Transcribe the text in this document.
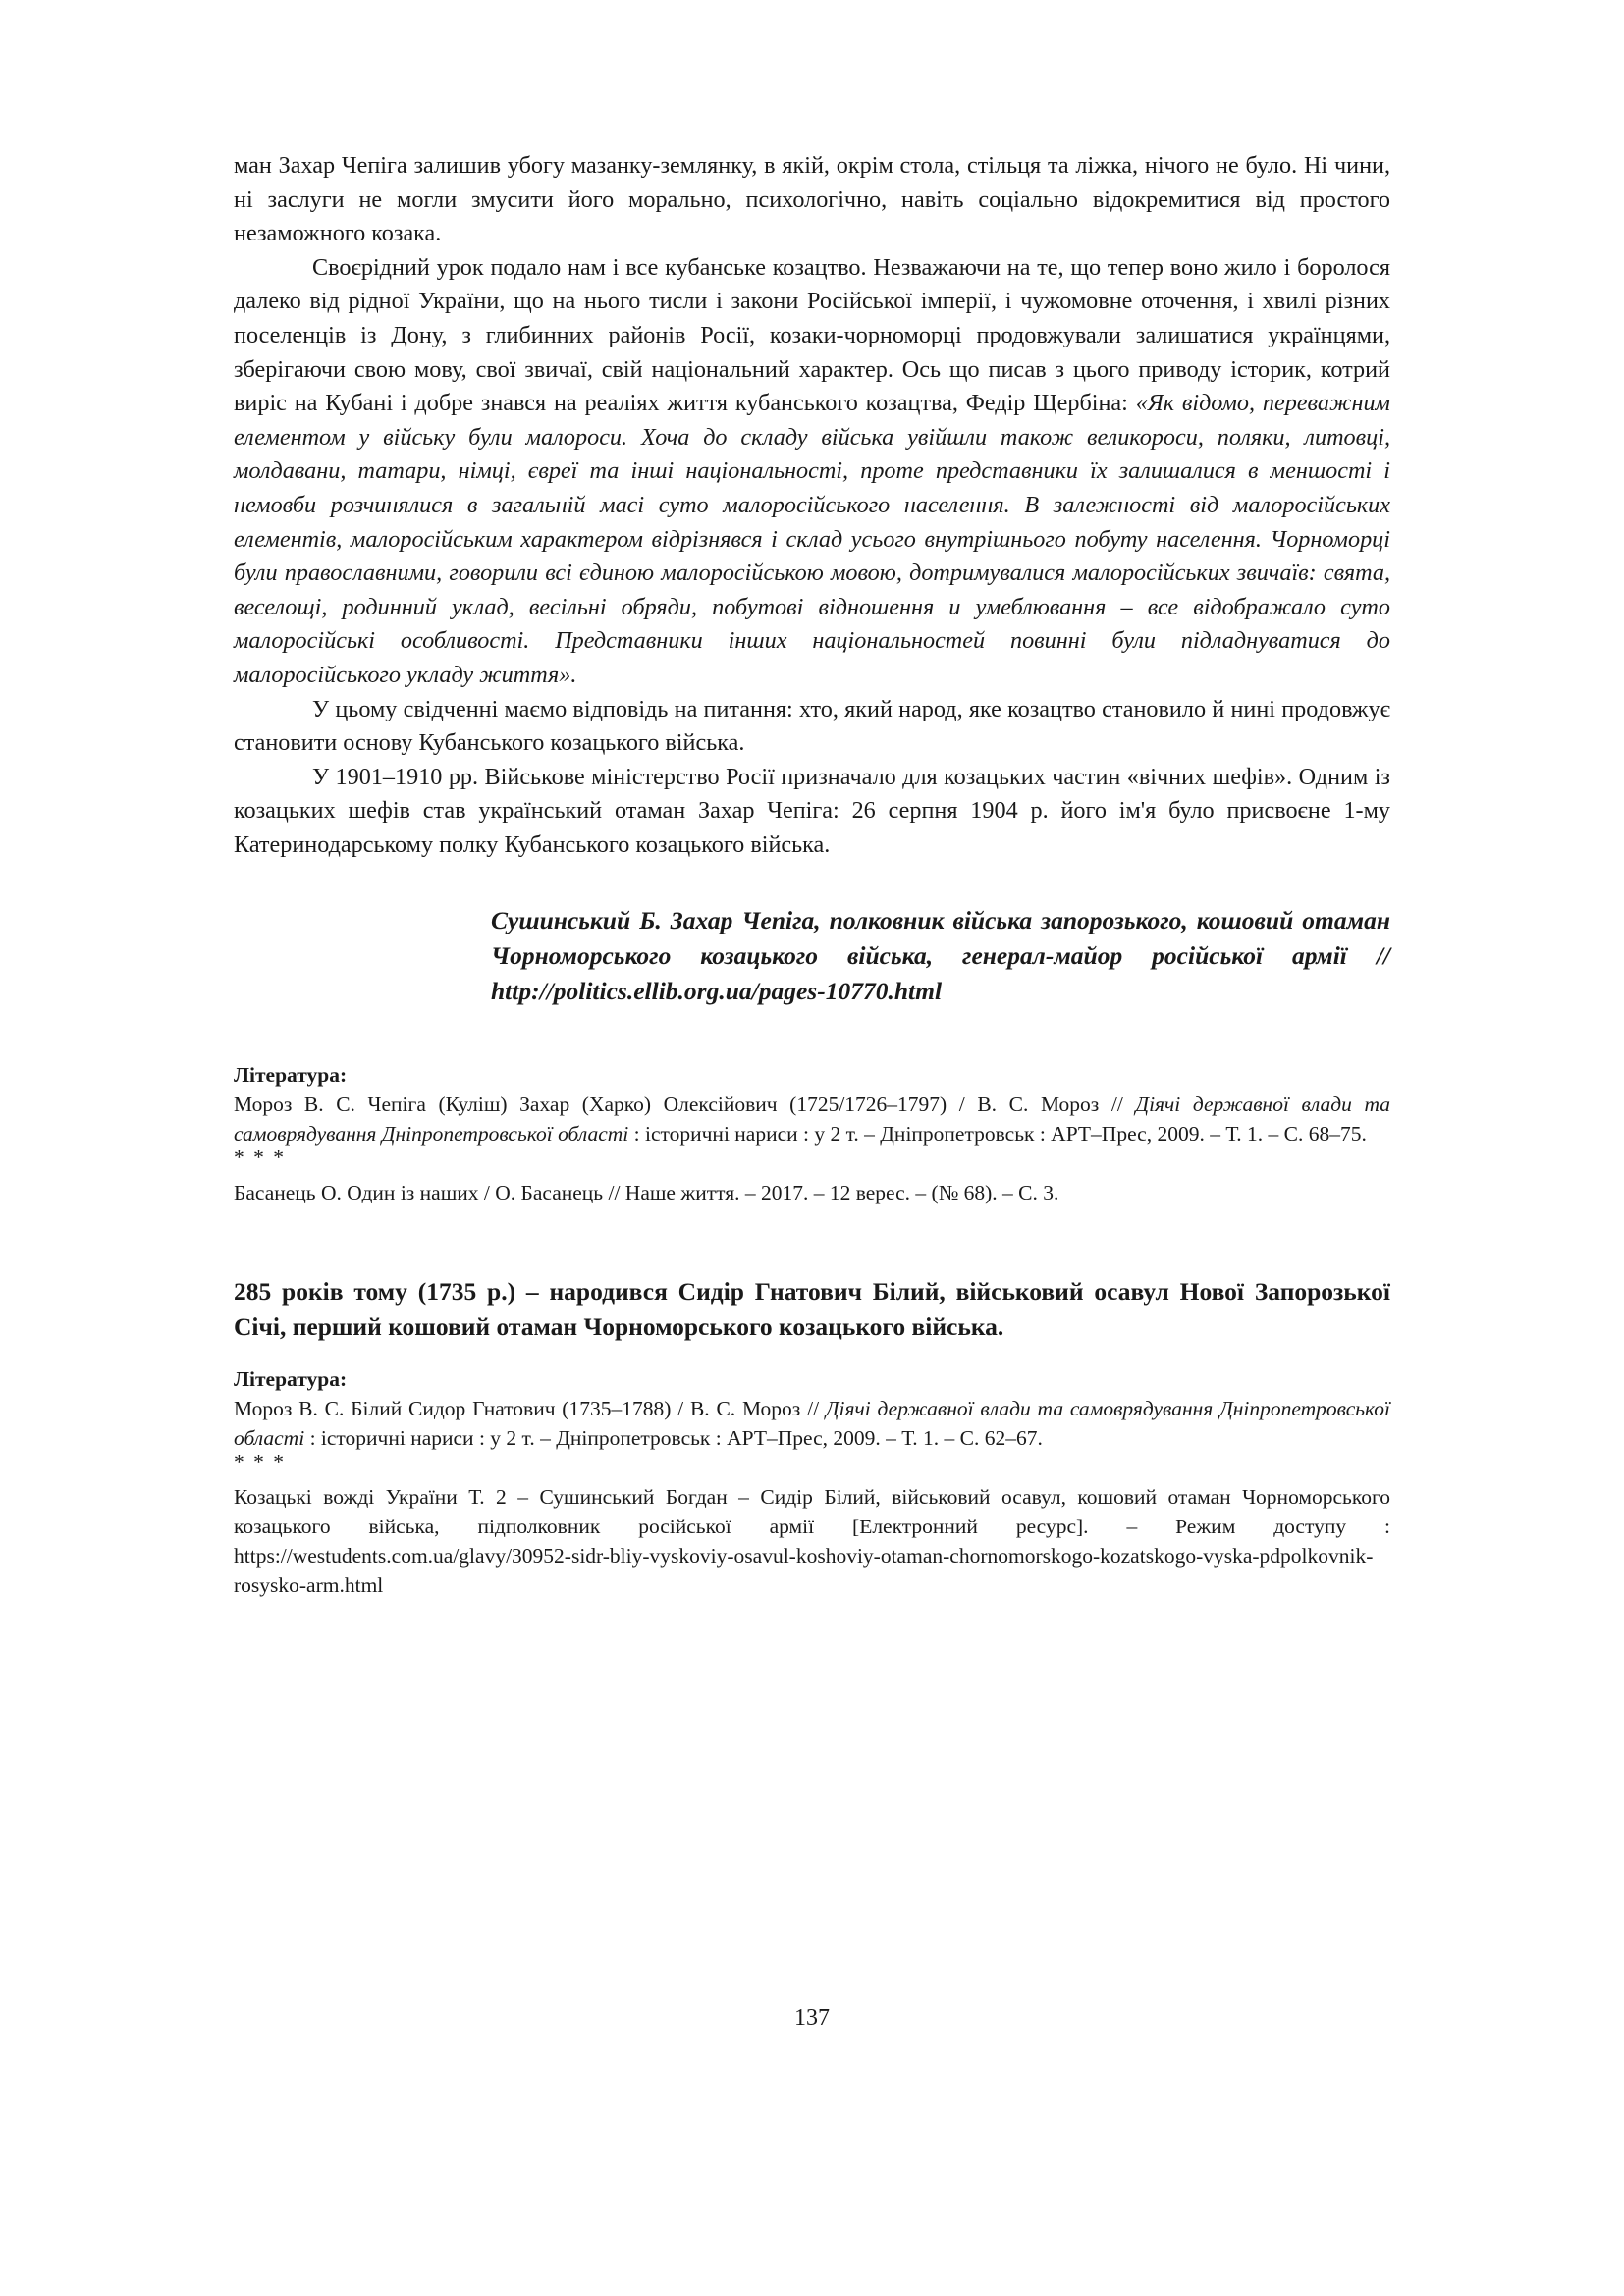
ман Захар Чепіга залишив убогу мазанку-землянку, в якій, окрім стола, стільця та ліжка, нічого не було. Ні чини, ні заслуги не могли змусити його морально, психологічно, навіть соціально відокремитися від простого незаможного козака.

Своєрідний урок подало нам і все кубанське козацтво. Незважаючи на те, що тепер воно жило і боролося далеко від рідної України, що на нього тисли і закони Російської імперії, і чужомовне оточення, і хвилі різних поселенців із Дону, з глибинних районів Росії, козаки-чорноморці продовжували залишатися українцями, зберігаючи свою мову, свої звичаї, свій національний характер. Ось що писав з цього приводу історик, котрий виріс на Кубані і добре знався на реаліях життя кубанського козацтва, Федір Щербіна: «Як відомо, переважним елементом у війську були малороси. Хоча до складу війська увійшли також великороси, поляки, литовці, молдавани, татари, німці, євреї та інші національності, проте представники їх залишалися в меншості і немовби розчинялися в загальній масі суто малоросійського населення. В залежності від малоросійських елементів, малоросійським характером відрізнявся і склад усього внутрішнього побуту населення. Чорноморці були православними, говорили всі єдиною малоросійською мовою, дотримувалися малоросійських звичаїв: свята, веселощі, родинний уклад, весільні обряди, побутові відношення и умеблювання – все відображало суто малоросійські особливості. Представники інших національностей повинні були підладнуватися до малоросійського укладу життя».

У цьому свідченні маємо відповідь на питання: хто, який народ, яке козацтво становило й нині продовжує становити основу Кубанського козацького війська.

У 1901–1910 рр. Військове міністерство Росії призначало для козацьких частин «вічних шефів». Одним із козацьких шефів став український отаман Захар Чепіга: 26 серпня 1904 р. його ім'я було присвоєне 1-му Катеринодарському полку Кубанського козацького війська.

Сушинський Б. Захар Чепіга, полковник війська запорозького, кошовий отаман Чорноморського козацького війська, генерал-майор російської армії // http://politics.ellib.org.ua/pages-10770.html

Література:

Мороз В. С. Чепіга (Куліш) Захар (Харко) Олексійович (1725/1726–1797) / В. С. Мороз // Діячі державної влади та самоврядування Дніпропетровської області : історичні нариси : у 2 т. – Дніпропетровськ : АРТ–Прес, 2009. – Т. 1. – С. 68–75.

* * *

Басанець О. Один із наших / О. Басанець // Наше життя. – 2017. – 12 верес. – (№ 68). – С. 3.

285 років тому (1735 р.) – народився Сидір Гнатович Білий, військовий осавул Нової Запорозької Січі, перший кошовий отаман Чорноморського козацького війська.

Література:

Мороз В. С. Білий Сидор Гнатович (1735–1788) / В. С. Мороз // Діячі державної влади та самоврядування Дніпропетровської області : історичні нариси : у 2 т. – Дніпропетровськ : АРТ–Прес, 2009. – Т. 1. – С. 62–67.

* * *

Козацькі вожді України Т. 2 – Сушинський Богдан – Сидір Білий, військовий осавул, кошовий отаман Чорноморського козацького війська, підполковник російської армії [Електронний ресурс]. – Режим доступу : https://westudents.com.ua/glavy/30952-sidr-bliy-vyskoviy-osavul-koshoviy-otaman-chornomorskogo-kozatskogo-vyska-pdpolkovnik-rosysko-arm.html

137
